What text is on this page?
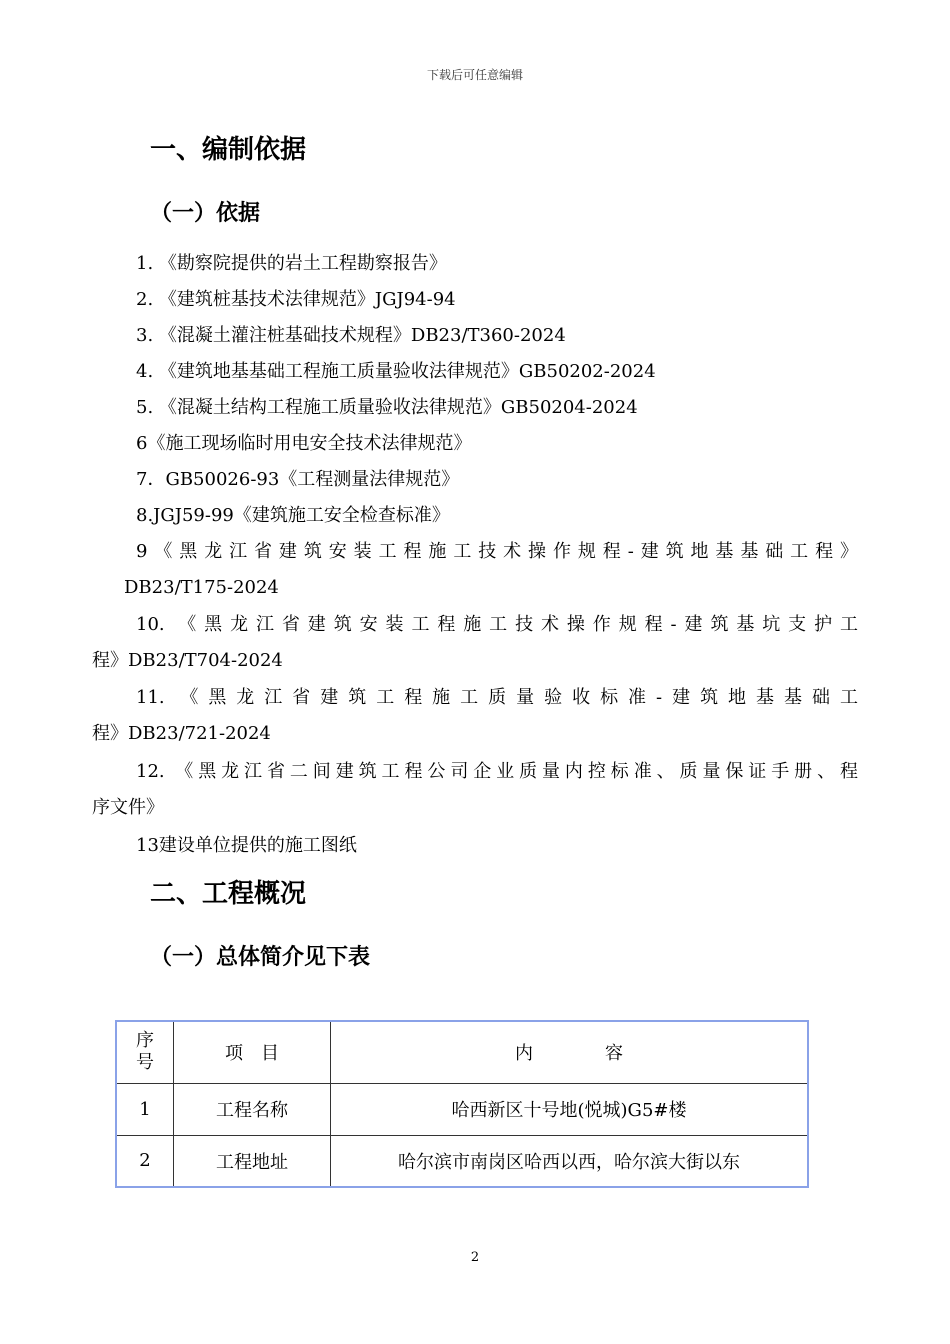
下载后可任意编辑
一、编制依据
（一）依据

1. 《勘察院提供的岩土工程勘察报告》

2. 《建筑桩基技术法律规范》JGJ94-94

3. 《混凝土灌注桩基础技术规程》DB23/T360-2024

4. 《建筑地基基础工程施工质量验收法律规范》GB50202-2024

5. 《混凝土结构工程施工质量验收法律规范》GB50204-2024

6《施工现场临时用电安全技术法律规范》

7．GB50026-93《工程测量法律规范》

8.JGJ59-99《建筑施工安全检查标准》

9《黑龙江省建筑安装工程施工技术操作规程-建筑地基基础工程》
DB23/T175-2024

10. 《黑龙江省建筑安装工程施工技术操作规程-建筑基坑支护工
程》DB23/T704-2024

11. 《黑龙江省建筑工程施工质量验收标准-建筑地基基础工
程》DB23/721-2024

12. 《黑龙江省二间建筑工程公司企业质量内控标准、质量保证手册、程
序文件》

13建设单位提供的施工图纸

二、工程概况
（一）总体简介见下表
序号	项　目	内　　　　容
1	工程名称	哈西新区十号地(悦城)G5#楼
2	工程地址	哈尔滨市南岗区哈西以西，哈尔滨大街以东
2
